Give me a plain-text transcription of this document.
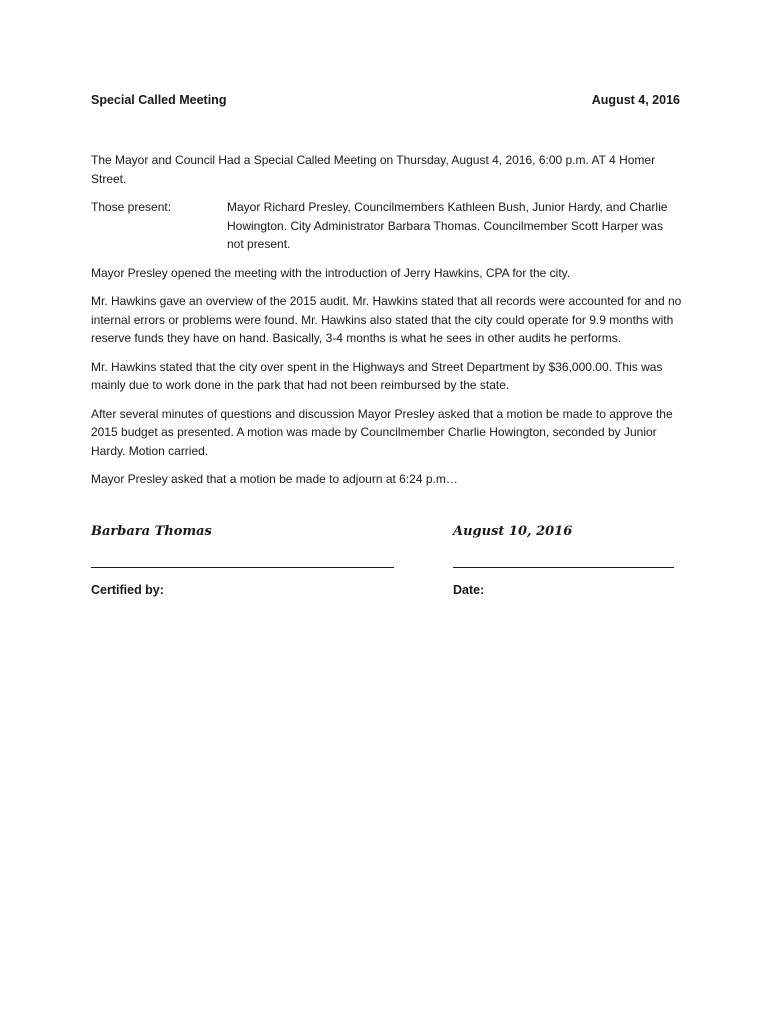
Special Called Meeting	August 4, 2016

The Mayor and Council Had a Special Called Meeting on Thursday, August 4, 2016, 6:00 p.m. AT 4 Homer Street.

Those present:	Mayor Richard Presley, Councilmembers Kathleen Bush, Junior Hardy, and Charlie Howington. City Administrator Barbara Thomas. Councilmember Scott Harper was not present.

Mayor Presley opened the meeting with the introduction of Jerry Hawkins, CPA for the city.

Mr. Hawkins gave an overview of the 2015 audit. Mr. Hawkins stated that all records were accounted for and no internal errors or problems were found. Mr. Hawkins also stated that the city could operate for 9.9 months with reserve funds they have on hand. Basically, 3-4 months is what he sees in other audits he performs.

Mr. Hawkins stated that the city over spent in the Highways and Street Department by $36,000.00. This was mainly due to work done in the park that had not been reimbursed by the state.

After several minutes of questions and discussion Mayor Presley asked that a motion be made to approve the 2015 budget as presented. A motion was made by Councilmember Charlie Howington, seconded by Junior Hardy. Motion carried.

Mayor Presley asked that a motion be made to adjourn at 6:24 p.m…

Barbara Thomas	August 10, 2016
Certified by:	Date:
